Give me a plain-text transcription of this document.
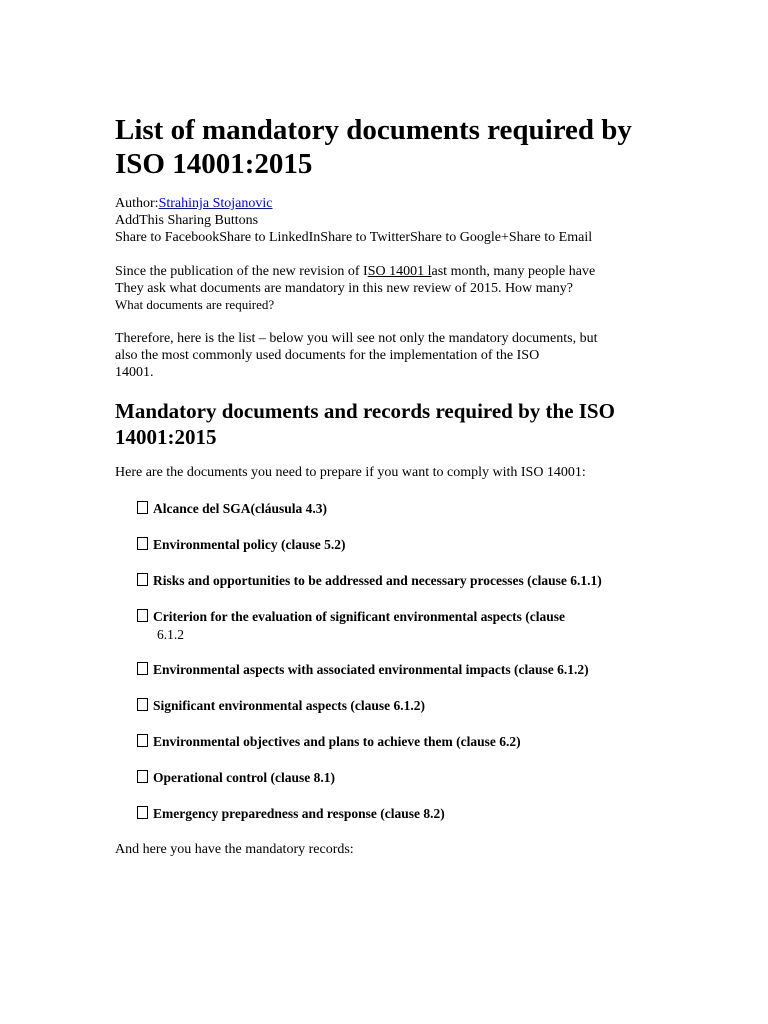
List of mandatory documents required by ISO 14001:2015
Author:Strahinja Stojanovic
AddThis Sharing Buttons
Share to FacebookShare to LinkedInShare to TwitterShare to Google+Share to Email
Since the publication of the new revision of ISO 14001 last month, many people have
They ask what documents are mandatory in this new review of 2015. How many?
What documents are required?
Therefore, here is the list – below you will see not only the mandatory documents, but
also the most commonly used documents for the implementation of the ISO
14001.
Mandatory documents and records required by the ISO 14001:2015
Here are the documents you need to prepare if you want to comply with ISO 14001:
Alcance del SGA(cláusula 4.3)
Environmental policy (clause 5.2)
Risks and opportunities to be addressed and necessary processes (clause 6.1.1)
Criterion for the evaluation of significant environmental aspects (clause
6.1.2
Environmental aspects with associated environmental impacts (clause 6.1.2)
Significant environmental aspects (clause 6.1.2)
Environmental objectives and plans to achieve them (clause 6.2)
Operational control (clause 8.1)
Emergency preparedness and response (clause 8.2)
And here you have the mandatory records:
